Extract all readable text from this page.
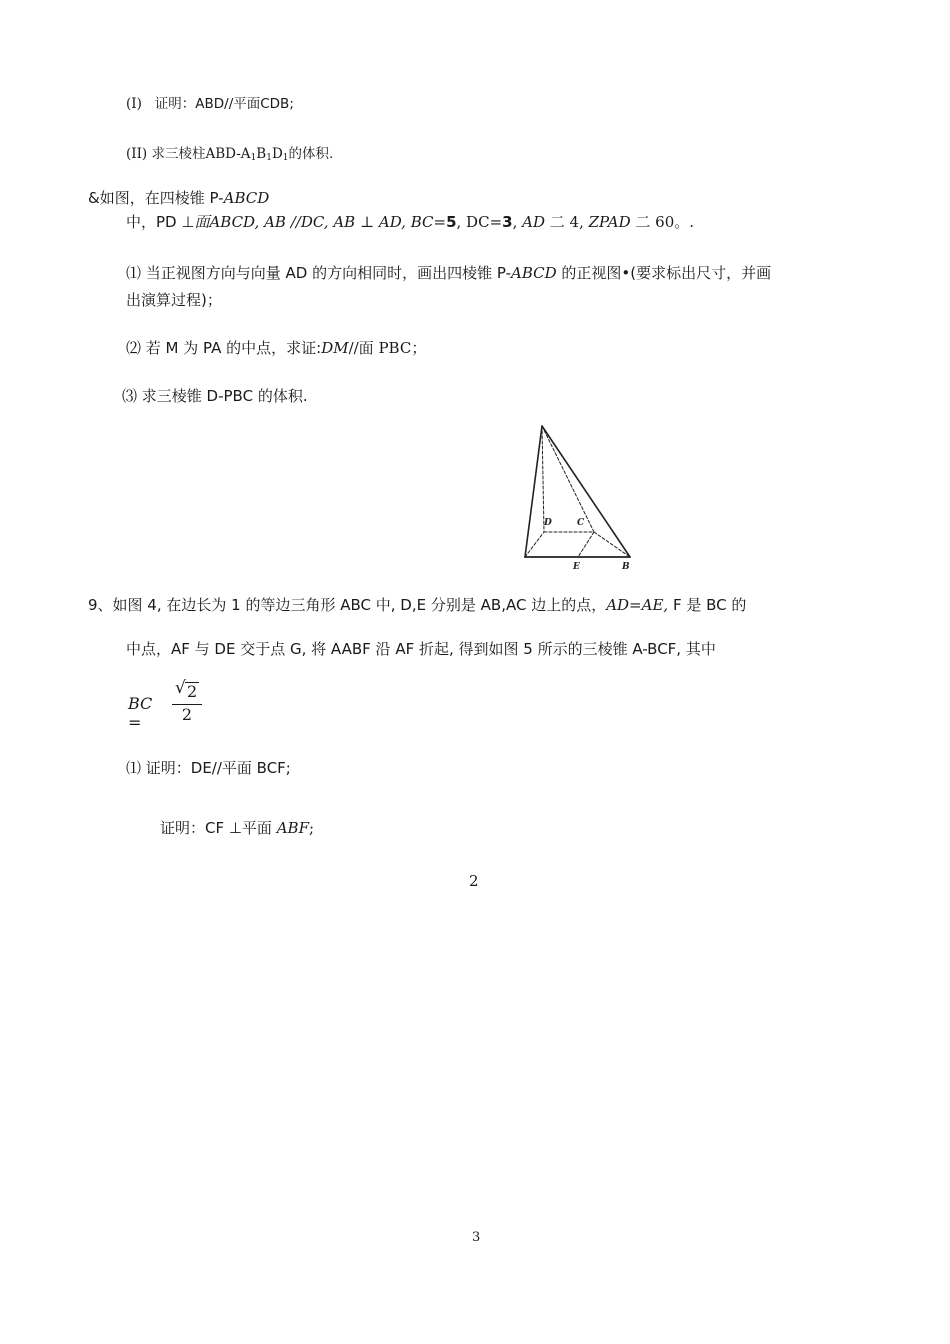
(I) 证明：ABD//平面CDB;
(II) 求三棱柱ABD-$A_1B_1D_1$的体积.
&如图，在四棱锥 P-ABCD
中，PD ⊥面ABCD, AB //DC, AB ⊥ AD, BC=5, DC=3, AD 二 4, ZPAD 二 60。.
⑴ 当正视图方向与向量 AD 的方向相同时，画出四棱锥 P-ABCD 的正视图•(要求标出尺寸，并画
出演算过程)；
⑵ 若 M 为 PA 的中点，求证:DM//面 PBC；
⑶ 求三棱锥 D-PBC 的体积.
D	C
E	B
9、如图 4, 在边长为 1 的等边三角形 ABC 中, D,E 分别是 AB,AC 边上的点，AD=AE, F 是 BC 的
中点，AF 与 DE 交于点 G, 将 AABF 沿 AF 折起, 得到如图 5 所示的三棱锥 A-BCF, 其中
BC =
√ 2
2
⑴ 证明：DE//平面 BCF;
证明：CF ⊥平面 ABF;
2
3
